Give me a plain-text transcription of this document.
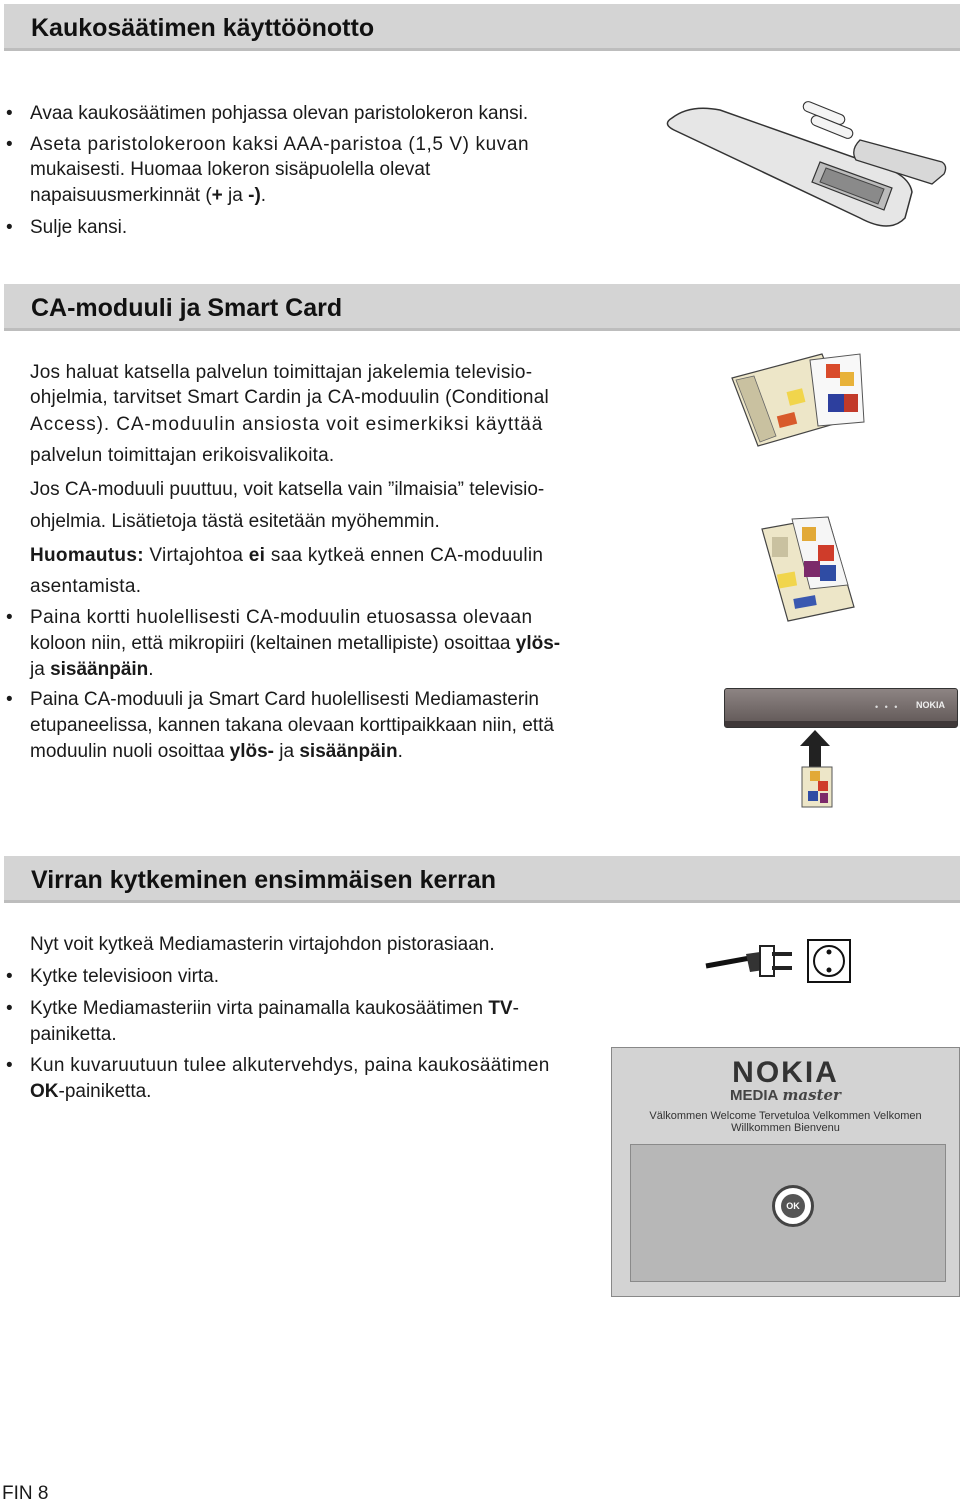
Kaukosäätimen käyttöönotto
• Avaa kaukosäätimen pohjassa olevan paristolokeron kansi.
• Aseta paristolokeroon kaksi AAA-paristoa (1,5 V) kuvan
mukaisesti. Huomaa lokeron sisäpuolella olevat
napaisuusmerkinnät (+ ja -).
• Sulje kansi.
CA-moduuli ja Smart Card
Jos haluat katsella palvelun toimittajan jakelemia televisio-
ohjelmia, tarvitset Smart Cardin ja CA-moduulin (Conditional
Access). CA-moduulin ansiosta voit esimerkiksi käyttää
palvelun toimittajan erikoisvalikoita.
Jos CA-moduuli puuttuu, voit katsella vain ”ilmaisia” televisio-
ohjelmia. Lisätietoja tästä esitetään myöhemmin.
Huomautus: Virtajohtoa ei saa kytkeä ennen CA-moduulin
asentamista.
• Paina kortti huolellisesti CA-moduulin etuosassa olevaan
koloon niin, että mikropiiri (keltainen metallipiste) osoittaa ylös-
ja sisäänpäin.
• Paina CA-moduuli ja Smart Card huolellisesti Mediamasterin
etupaneelissa, kannen takana olevaan korttipaikkaan niin, että
moduulin nuoli osoittaa ylös- ja sisäänpäin.
• • • NOKIA
Virran kytkeminen ensimmäisen kerran
Nyt voit kytkeä Mediamasterin virtajohdon pistorasiaan.
• Kytke televisioon virta.
• Kytke Mediamasteriin virta painamalla kaukosäätimen TV-
painiketta.
• Kun kuvaruutuun tulee alkutervehdys, paina kaukosäätimen
OK-painiketta.
NOKIA
MEDIA master
Välkommen Welcome Tervetuloa Velkommen Velkomen
Willkommen Bienvenu
OK
FIN 8
